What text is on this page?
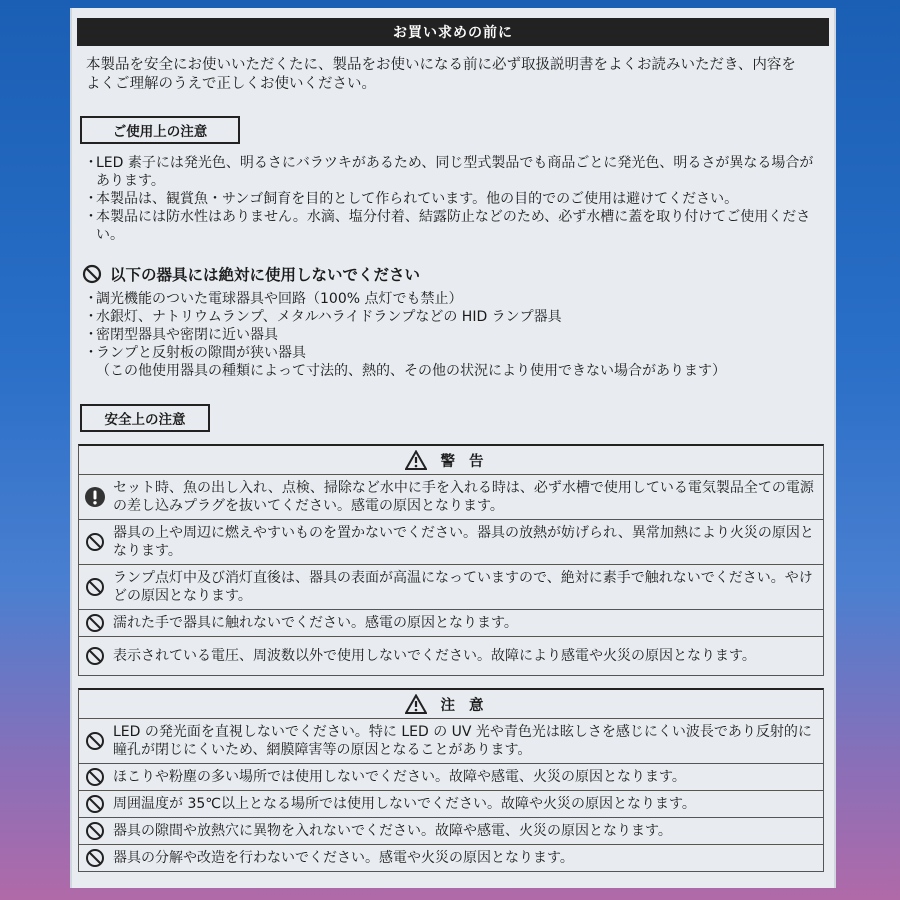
お買い求めの前に
本製品を安全にお使いいただくたに、製品をお使いになる前に必ず取扱説明書をよくお読みいただき、内容をよくご理解のうえで正しくお使いください。
ご使用上の注意
・ LED 素子には発光色、明るさにバラツキがあるため、同じ型式製品でも商品ごとに発光色、明るさが異なる場合があります。
・ 本製品は、観賞魚・サンゴ飼育を目的として作られています。他の目的でのご使用は避けてください。
・ 本製品には防水性はありません。水滴、塩分付着、結露防止などのため、必ず水槽に蓋を取り付けてご使用ください。
以下の器具には絶対に使用しないでください
・ 調光機能のついた電球器具や回路（100% 点灯でも禁止）
・ 水銀灯、ナトリウムランプ、メタルハライドランプなどの HID ランプ器具
・ 密閉型器具や密閉に近い器具
・ ランプと反射板の隙間が狭い器具
（この他使用器具の種類によって寸法的、熱的、その他の状況により使用できない場合があります）
安全上の注意
警告
セット時、魚の出し入れ、点検、掃除など水中に手を入れる時は、必ず水槽で使用している電気製品全ての電源の差し込みプラグを抜いてください。感電の原因となります。
器具の上や周辺に燃えやすいものを置かないでください。器具の放熱が妨げられ、異常加熱により火災の原因となります。
ランプ点灯中及び消灯直後は、器具の表面が高温になっていますので、絶対に素手で触れないでください。やけどの原因となります。
濡れた手で器具に触れないでください。感電の原因となります。
表示されている電圧、周波数以外で使用しないでください。故障により感電や火災の原因となります。
注意
LED の発光面を直視しないでください。特に LED の UV 光や青色光は眩しさを感じにくい波長であり反射的に瞳孔が閉じにくいため、網膜障害等の原因となることがあります。
ほこりや粉塵の多い場所では使用しないでください。故障や感電、火災の原因となります。
周囲温度が 35℃以上となる場所では使用しないでください。故障や火災の原因となります。
器具の隙間や放熱穴に異物を入れないでください。故障や感電、火災の原因となります。
器具の分解や改造を行わないでください。感電や火災の原因となります。
